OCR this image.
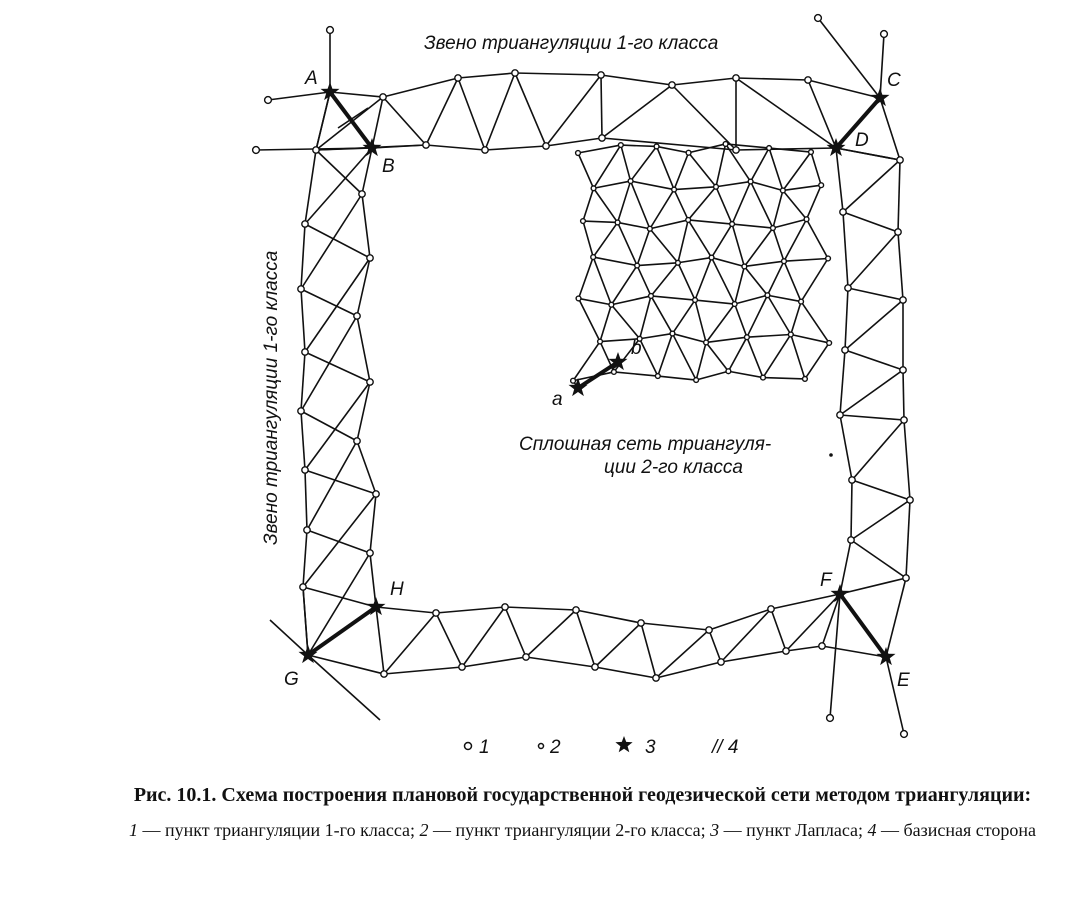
Звено триангуляции 1-го класса
Звено триангуляции 1-го класса	Сплошная сеть триангуля-
ции 2-го класса
A
B
C
D
E
F
G
H
a
b
1	2	3	// 4
Рис. 10.1. Схема построения плановой государственной геодезической сети методом триангуляции:
1 — пункт триангуляции 1-го класса; 2 — пункт триангуляции 2-го класса; 3 — пункт Лапласа; 4 — базисная сторона
